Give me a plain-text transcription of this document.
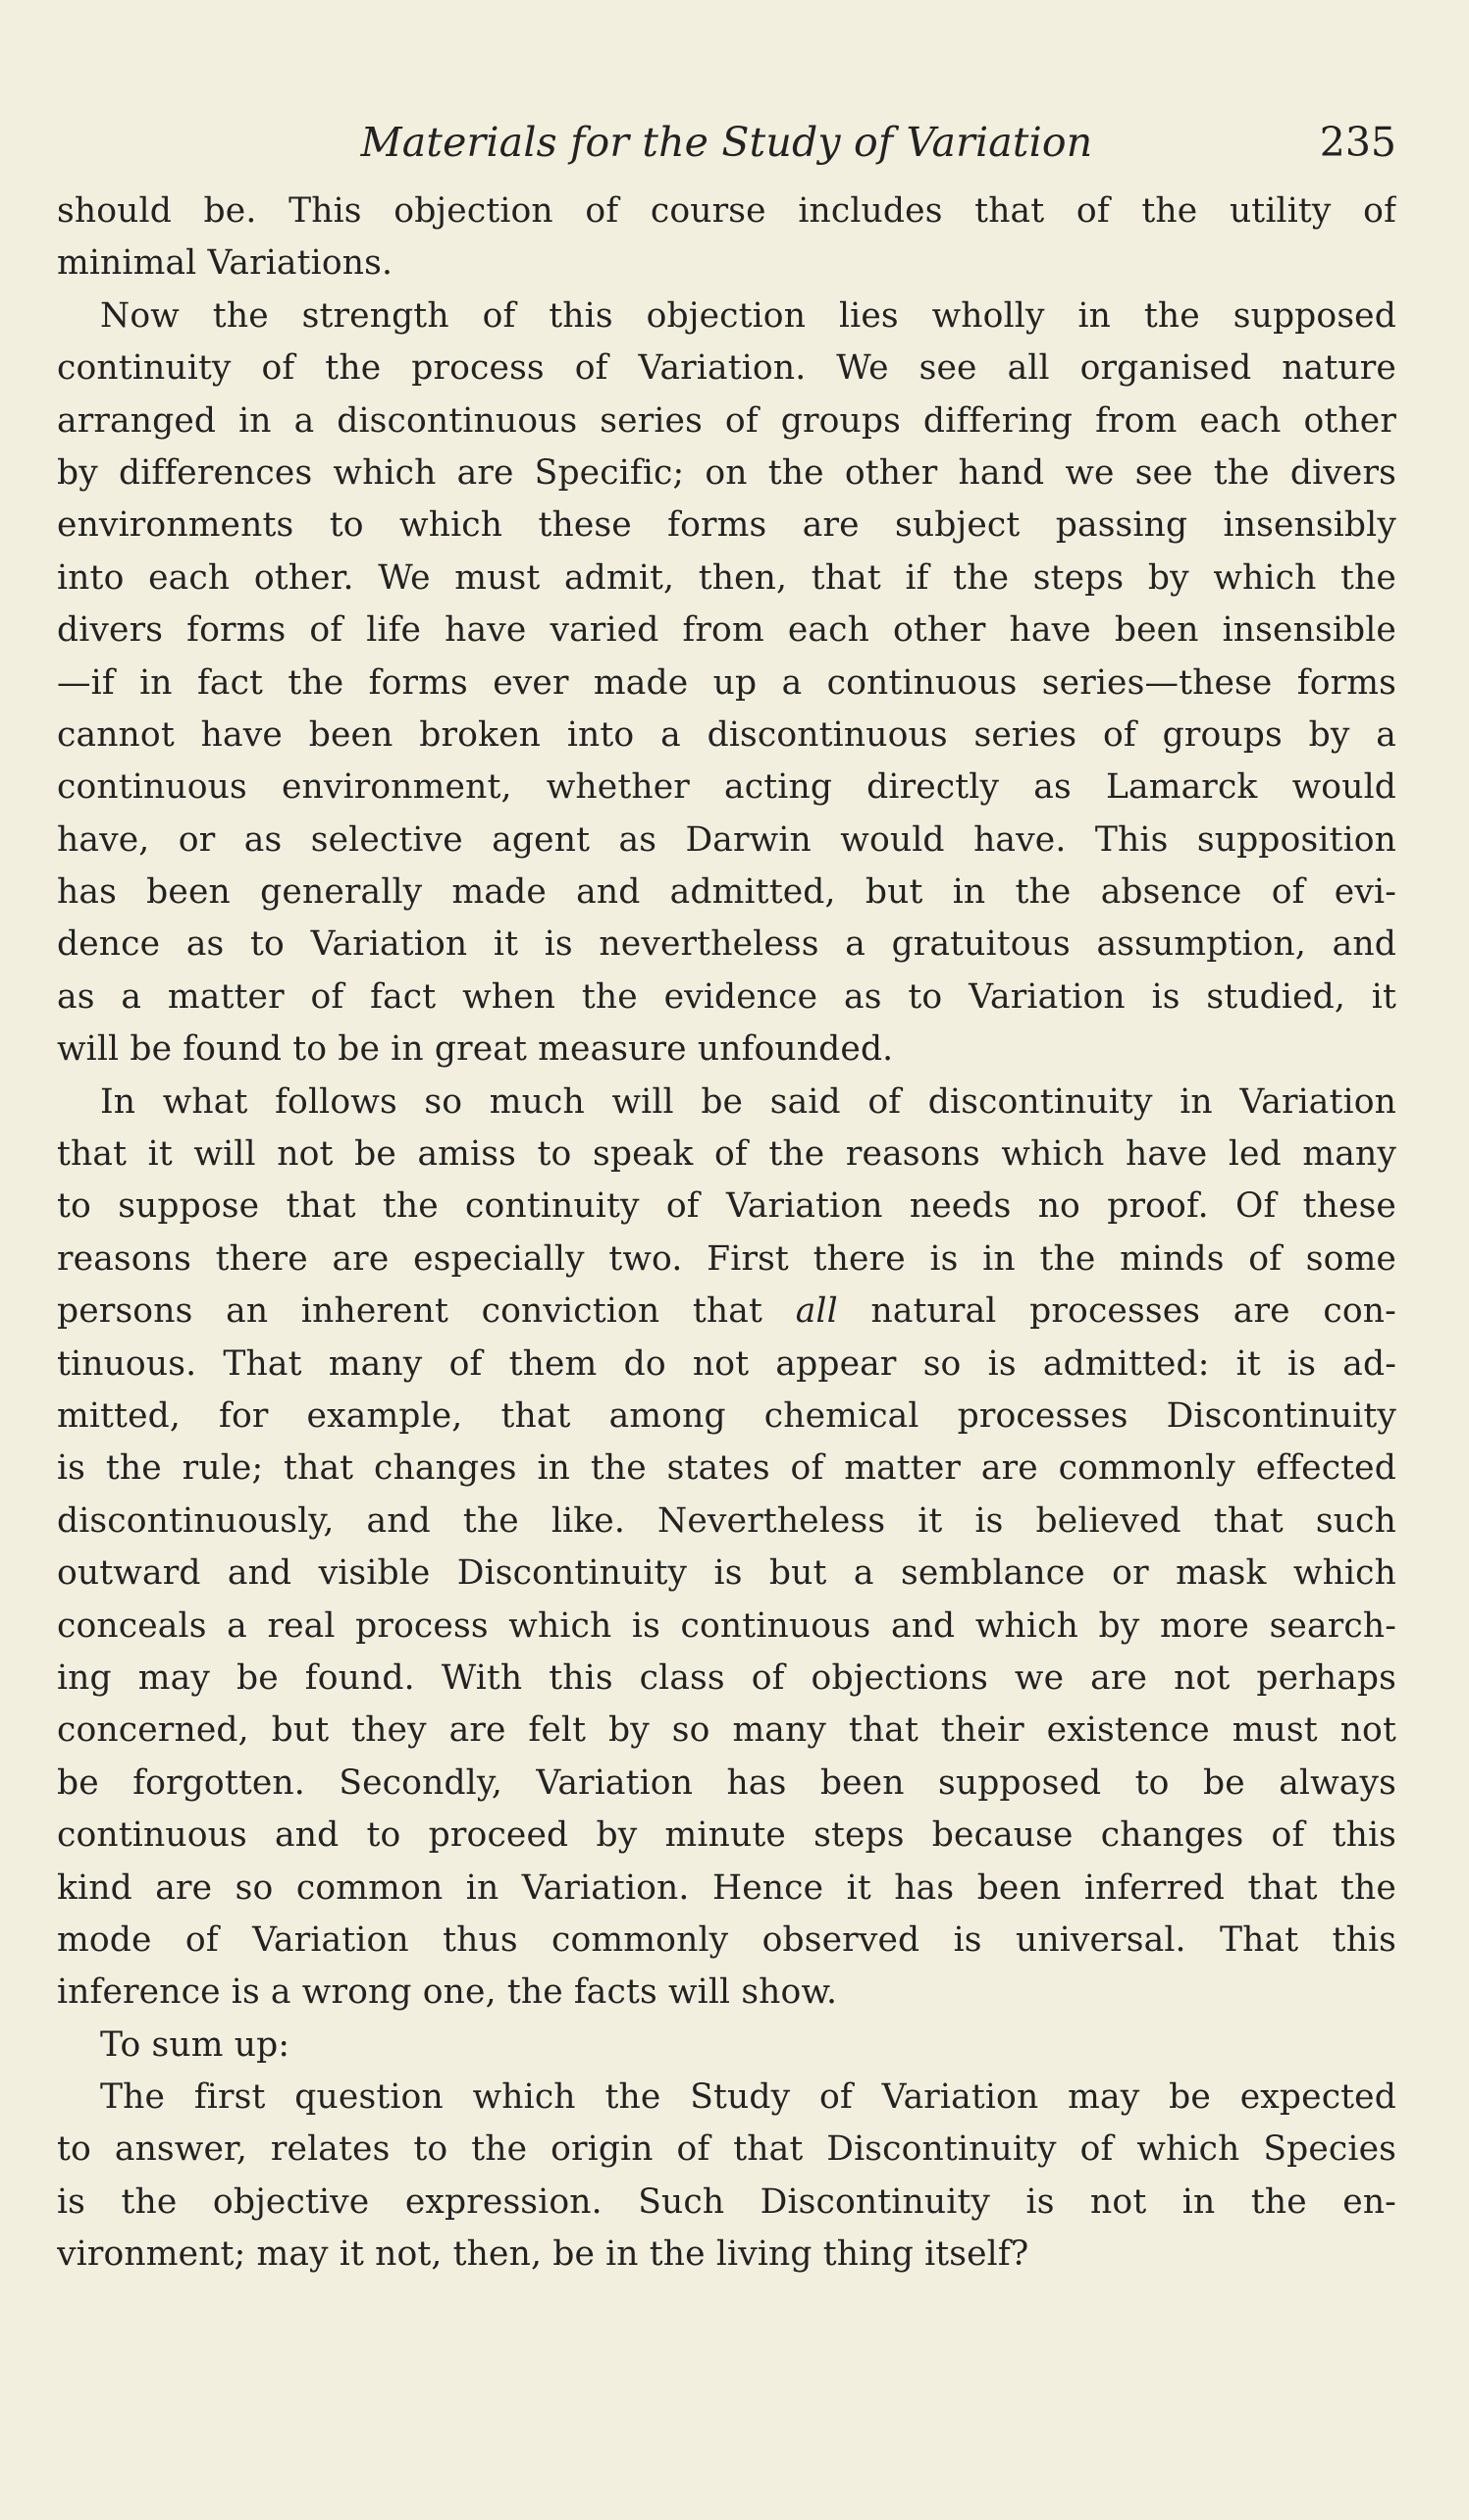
Materials for the Study of Variation	235
should be. This objection of course includes that of the utility of
minimal Variations.
Now the strength of this objection lies wholly in the supposed
continuity of the process of Variation. We see all organised nature
arranged in a discontinuous series of groups differing from each other
by differences which are Specific; on the other hand we see the divers
environments to which these forms are subject passing insensibly
into each other. We must admit, then, that if the steps by which the
divers forms of life have varied from each other have been insensible
—if in fact the forms ever made up a continuous series—these forms
cannot have been broken into a discontinuous series of groups by a
continuous environment, whether acting directly as Lamarck would
have, or as selective agent as Darwin would have. This supposition
has been generally made and admitted, but in the absence of evi-
dence as to Variation it is nevertheless a gratuitous assumption, and
as a matter of fact when the evidence as to Variation is studied, it
will be found to be in great measure unfounded.
In what follows so much will be said of discontinuity in Variation
that it will not be amiss to speak of the reasons which have led many
to suppose that the continuity of Variation needs no proof. Of these
reasons there are especially two. First there is in the minds of some
persons an inherent conviction that all natural processes are con-
tinuous. That many of them do not appear so is admitted: it is ad-
mitted, for example, that among chemical processes Discontinuity
is the rule; that changes in the states of matter are commonly effected
discontinuously, and the like. Nevertheless it is believed that such
outward and visible Discontinuity is but a semblance or mask which
conceals a real process which is continuous and which by more search-
ing may be found. With this class of objections we are not perhaps
concerned, but they are felt by so many that their existence must not
be forgotten. Secondly, Variation has been supposed to be always
continuous and to proceed by minute steps because changes of this
kind are so common in Variation. Hence it has been inferred that the
mode of Variation thus commonly observed is universal. That this
inference is a wrong one, the facts will show.
To sum up:
The first question which the Study of Variation may be expected
to answer, relates to the origin of that Discontinuity of which Species
is the objective expression. Such Discontinuity is not in the en-
vironment; may it not, then, be in the living thing itself?
